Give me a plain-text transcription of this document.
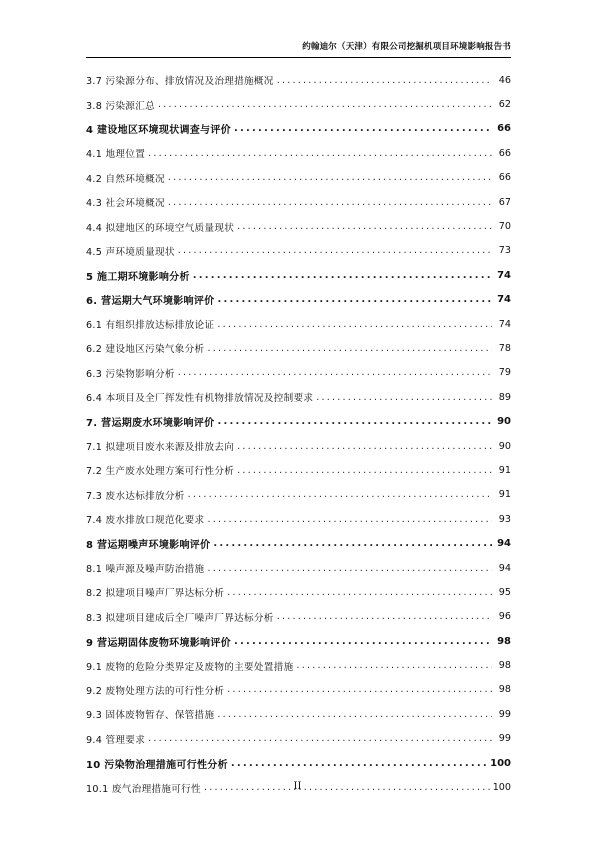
约翰迪尔（天津）有限公司挖掘机项目环境影响报告书
3.7 污染源分布、排放情况及治理措施概况 .....	46
3.8 污染源汇总 .....	62
4 建设地区环境现状调查与评价 .....	66
4.1 地理位置 .....	66
4.2 自然环境概况 .....	66
4.3 社会环境概况 .....	67
4.4 拟建地区的环境空气质量现状 .....	70
4.5 声环境质量现状 .....	73
5 施工期环境影响分析 .....	74
6. 营运期大气环境影响评价 .....	74
6.1 有组织排放达标排放论证 .....	74
6.2 建设地区污染气象分析 .....	78
6.3 污染物影响分析 .....	79
6.4 本项目及全厂挥发性有机物排放情况及控制要求 .....	89
7. 营运期废水环境影响评价 .....	90
7.1 拟建项目废水来源及排放去向 .....	90
7.2 生产废水处理方案可行性分析 .....	91
7.3 废水达标排放分析 .....	91
7.4 废水排放口规范化要求 .....	93
8 营运期噪声环境影响评价 .....	94
8.1 噪声源及噪声防治措施 .....	94
8.2 拟建项目噪声厂界达标分析 .....	95
8.3 拟建项目建成后全厂噪声厂界达标分析 .....	96
9 营运期固体废物环境影响评价 .....	98
9.1 废物的危险分类界定及废物的主要处置措施 .....	98
9.2 废物处理方法的可行性分析 .....	98
9.3 固体废物暂存、保管措施 .....	99
9.4 管理要求 .....	99
10 污染物治理措施可行性分析 .....	100
10.1 废气治理措施可行性 .....	100
II
